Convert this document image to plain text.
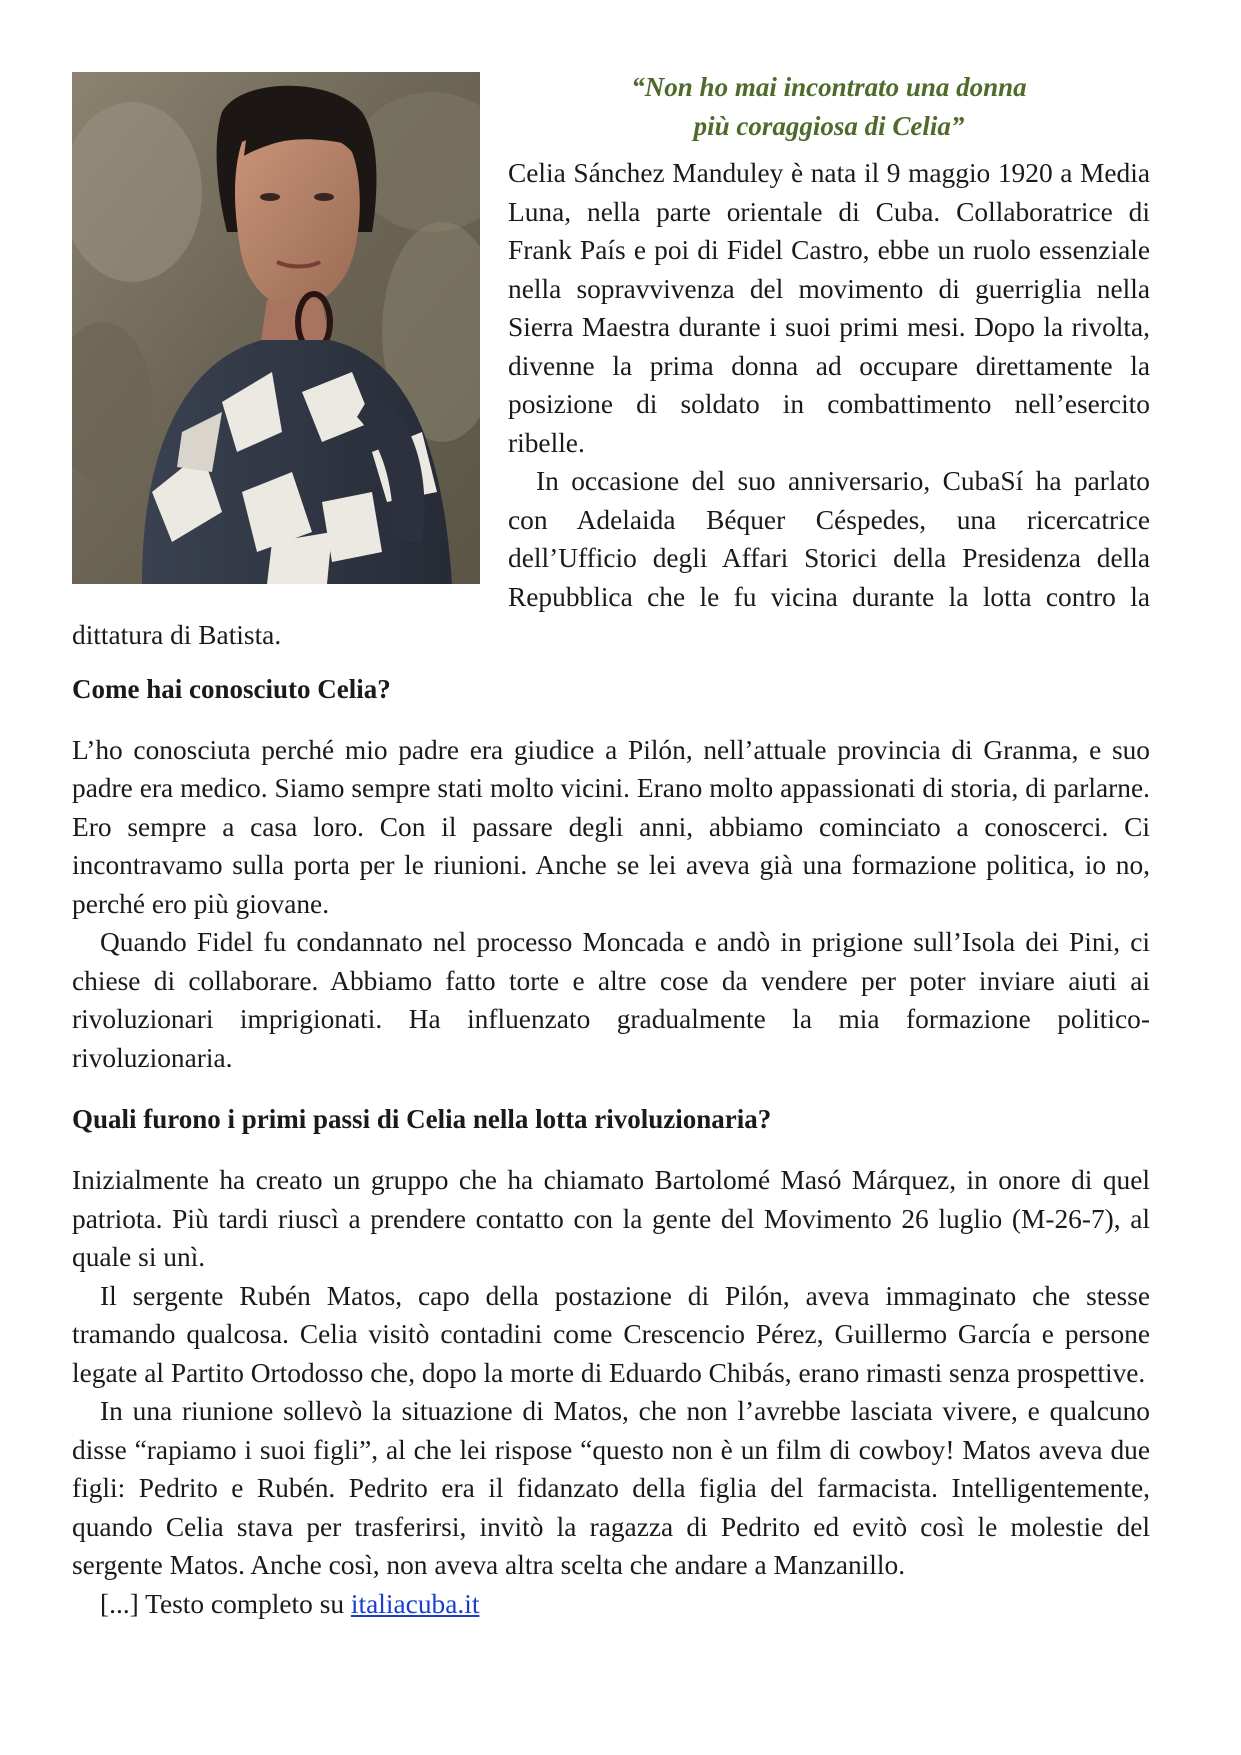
“Non ho mai incontrato una donna
più coraggiosa di Celia”

Celia Sánchez Manduley è nata il 9 maggio 1920 a Media Luna, nella parte orientale di Cuba. Collaboratrice di Frank País e poi di Fidel Castro, ebbe un ruolo essenziale nella sopravvivenza del movimento di guerriglia nella Sierra Maestra durante i suoi primi mesi. Dopo la rivolta, divenne la prima donna ad occupare direttamente la posizione di soldato in combattimento nell’esercito ribelle.

In occasione del suo anniversario, CubaSí ha parlato con Adelaida Béquer Céspedes, una ricercatrice dell’Ufficio degli Affari Storici della Presidenza della Repubblica che le fu vicina durante la lotta contro la dittatura di Batista.

Come hai conosciuto Celia?

L’ho conosciuta perché mio padre era giudice a Pilón, nell’attuale provincia di Granma, e suo padre era medico. Siamo sempre stati molto vicini. Erano molto appassionati di storia, di parlarne. Ero sempre a casa loro. Con il passare degli anni, abbiamo cominciato a conoscerci. Ci incontravamo sulla porta per le riunioni. Anche se lei aveva già una formazione politica, io no, perché ero più giovane.

Quando Fidel fu condannato nel processo Moncada e andò in prigione sull’Isola dei Pini, ci chiese di collaborare. Abbiamo fatto torte e altre cose da vendere per poter inviare aiuti ai rivoluzionari imprigionati. Ha influenzato gradualmente la mia formazione politico-rivoluzionaria.

Quali furono i primi passi di Celia nella lotta rivoluzionaria?

Inizialmente ha creato un gruppo che ha chiamato Bartolomé Masó Márquez, in onore di quel patriota. Più tardi riuscì a prendere contatto con la gente del Movimento 26 luglio (M-26-7), al quale si unì.

Il sergente Rubén Matos, capo della postazione di Pilón, aveva immaginato che stesse tramando qualcosa. Celia visitò contadini come Crescencio Pérez, Guillermo García e persone legate al Partito Ortodosso che, dopo la morte di Eduardo Chibás, erano rimasti senza prospettive.

In una riunione sollevò la situazione di Matos, che non l’avrebbe lasciata vivere, e qualcuno disse “rapiamo i suoi figli”, al che lei rispose “questo non è un film di cowboy! Matos aveva due figli: Pedrito e Rubén. Pedrito era il fidanzato della figlia del farmacista. Intelligentemente, quando Celia stava per trasferirsi, invitò la ragazza di Pedrito ed evitò così le molestie del sergente Matos. Anche così, non aveva altra scelta che andare a Manzanillo.

[...] Testo completo su italiacuba.it
